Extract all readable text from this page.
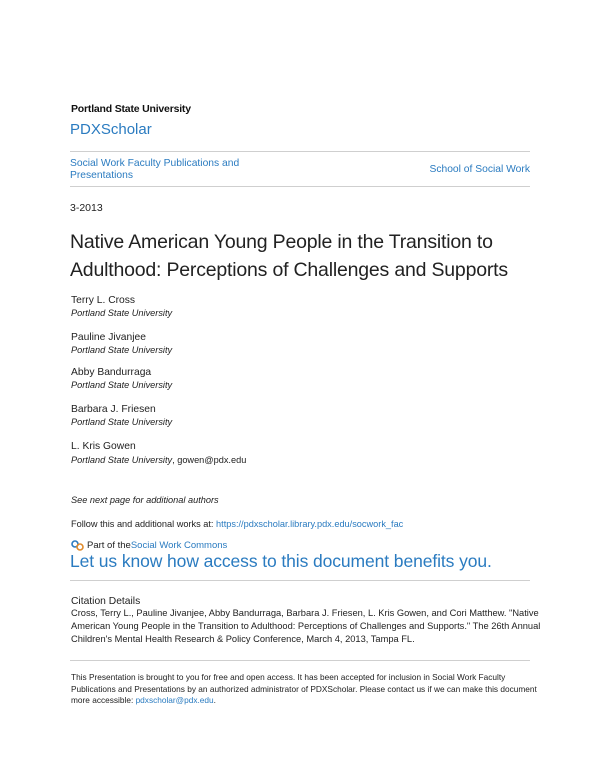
Portland State University
PDXScholar
Social Work Faculty Publications and Presentations	School of Social Work
3-2013
Native American Young People in the Transition to Adulthood: Perceptions of Challenges and Supports
Terry L. Cross
Portland State University
Pauline Jivanjee
Portland State University
Abby Bandurraga
Portland State University
Barbara J. Friesen
Portland State University
L. Kris Gowen
Portland State University, gowen@pdx.edu
See next page for additional authors
Follow this and additional works at: https://pdxscholar.library.pdx.edu/socwork_fac
Part of the Social Work Commons
Let us know how access to this document benefits you.
Citation Details
Cross, Terry L., Pauline Jivanjee, Abby Bandurraga, Barbara J. Friesen, L. Kris Gowen, and Cori Matthew. "Native American Young People in the Transition to Adulthood: Perceptions of Challenges and Supports." The 26th Annual Children's Mental Health Research & Policy Conference, March 4, 2013, Tampa FL.
This Presentation is brought to you for free and open access. It has been accepted for inclusion in Social Work Faculty Publications and Presentations by an authorized administrator of PDXScholar. Please contact us if we can make this document more accessible: pdxscholar@pdx.edu.
